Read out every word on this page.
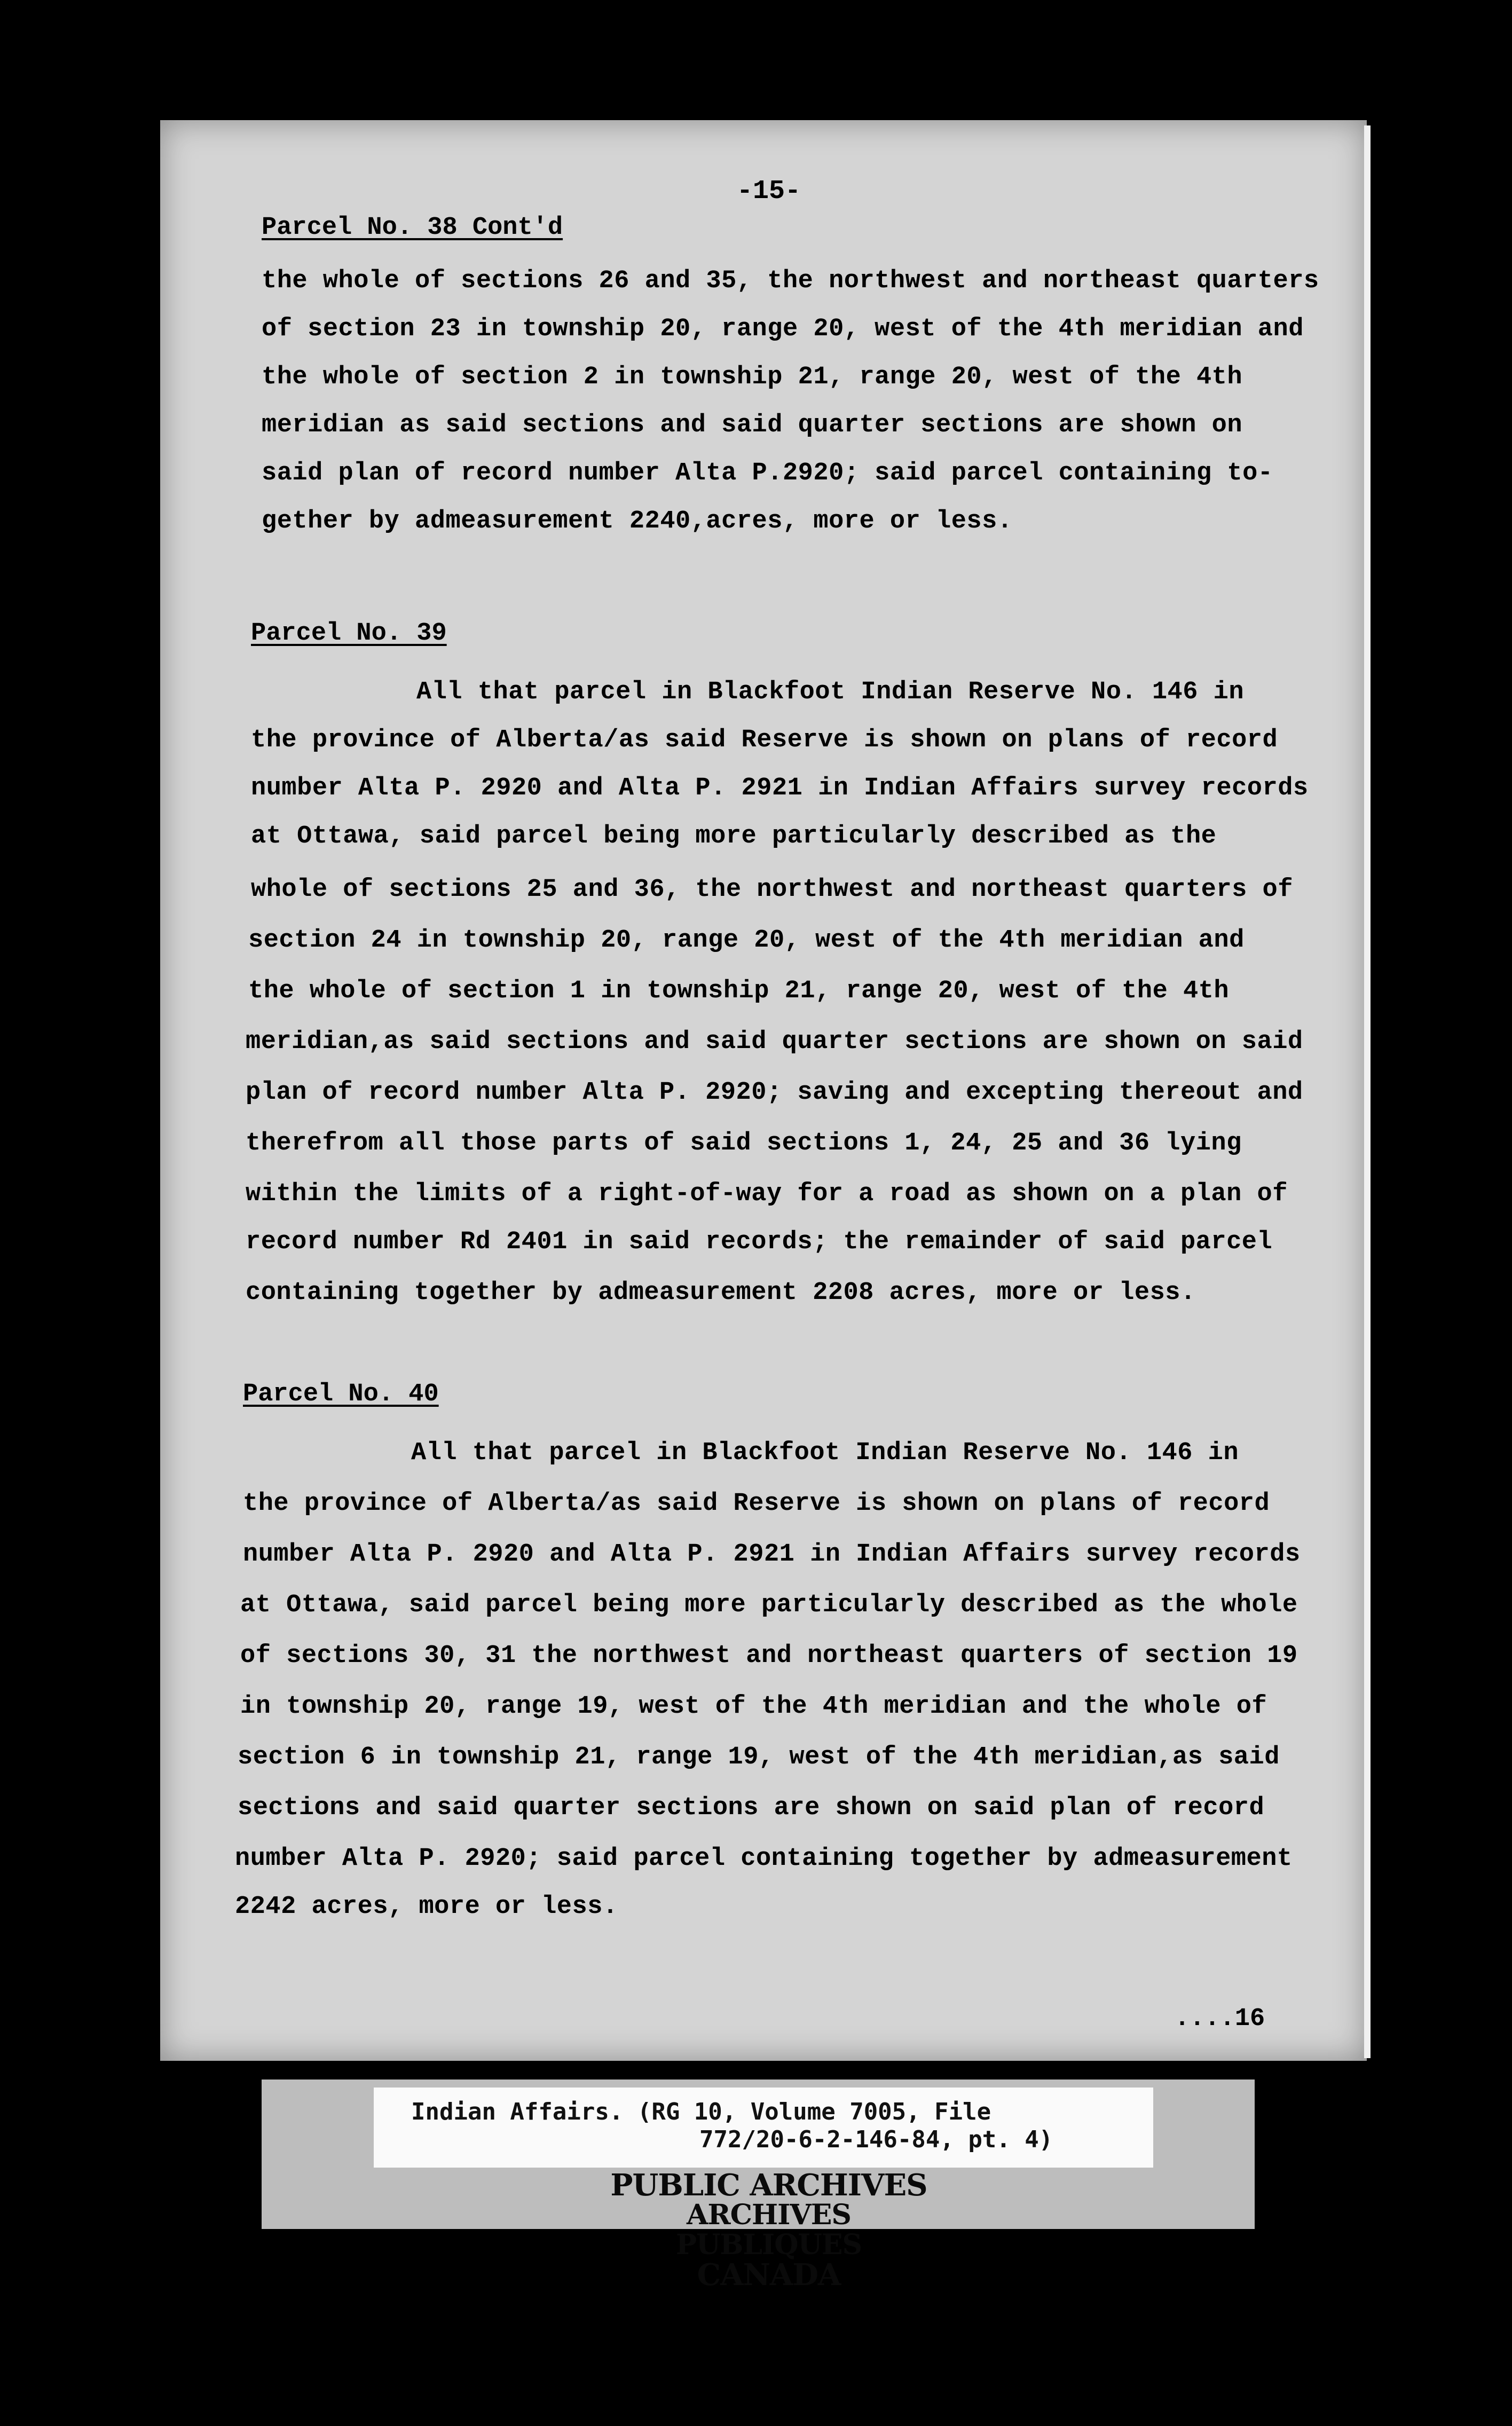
-15-
Parcel No. 38 Cont'd
the whole of sections 26 and 35, the northwest and northeast quarters
of section 23 in township 20, range 20, west of the 4th meridian and
the whole of section 2 in township 21, range 20, west of the 4th
meridian as said sections and said quarter sections are shown on
said plan of record number Alta P.2920; said parcel containing to-
gether by admeasurement 2240,acres, more or less.
Parcel No. 39
All that parcel in Blackfoot Indian Reserve No. 146 in
the province of Alberta/as said Reserve is shown on plans of record
number Alta P. 2920 and Alta P. 2921 in Indian Affairs survey records
at Ottawa, said parcel being more particularly described as the
whole of sections 25 and 36, the northwest and northeast quarters of
section 24 in township 20, range 20, west of the 4th meridian and
the whole of section 1 in township 21, range 20, west of the 4th
meridian,as said sections and said quarter sections are shown on said
plan of record number Alta P. 2920; saving and excepting thereout and
therefrom all those parts of said sections 1, 24, 25 and 36 lying
within the limits of a right-of-way for a road as shown on a plan of
record number Rd 2401 in said records; the remainder of said parcel
containing together by admeasurement 2208 acres, more or less.
Parcel No. 40
All that parcel in Blackfoot Indian Reserve No. 146 in
the province of Alberta/as said Reserve is shown on plans of record
number Alta P. 2920 and Alta P. 2921 in Indian Affairs survey records
at Ottawa, said parcel being more particularly described as the whole
of sections 30, 31 the northwest and northeast quarters of section 19
in township 20, range 19, west of the 4th meridian and the whole of
section 6 in township 21, range 19, west of the 4th meridian,as said
sections and said quarter sections are shown on said plan of record
number Alta P. 2920; said parcel containing together by admeasurement
2242 acres, more or less.
....16
Indian Affairs. (RG 10, Volume 7005, File
772/20-6-2-146-84, pt. 4)
PUBLIC ARCHIVES
ARCHIVES PUBLIQUES
CANADA
